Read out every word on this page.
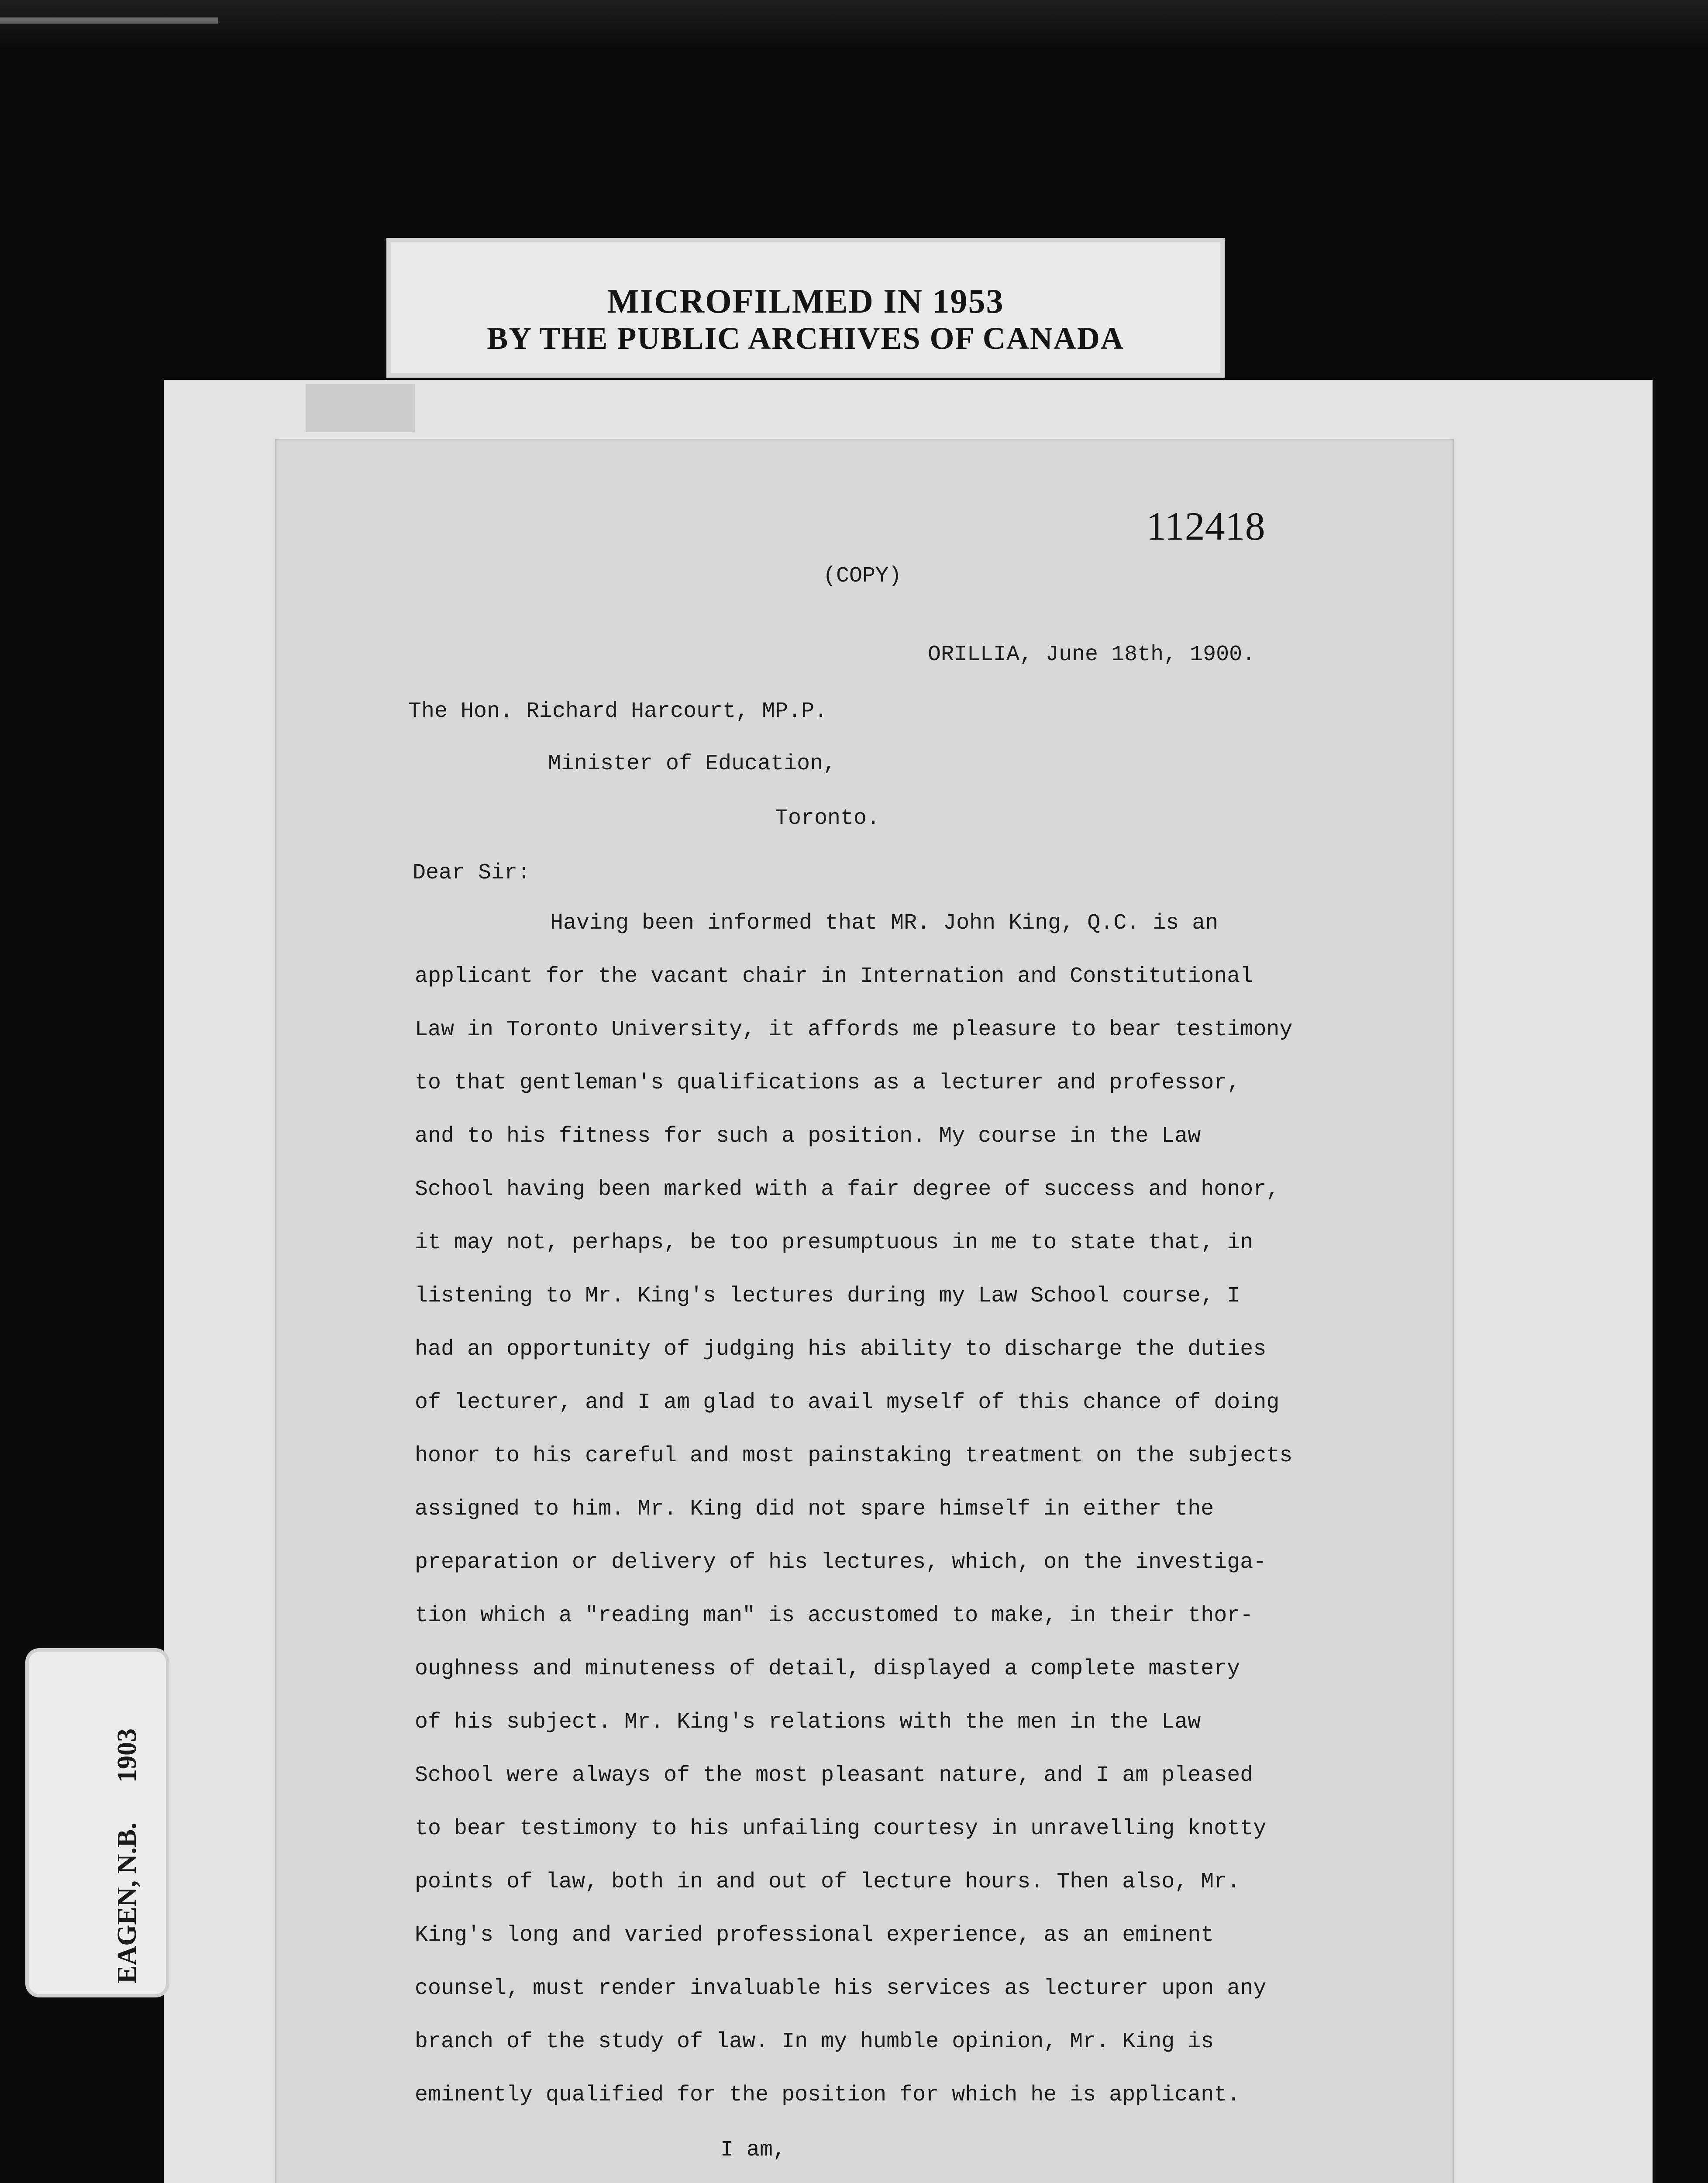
MICROFILMED IN 1953
BY THE PUBLIC ARCHIVES OF CANADA
EAGEN, N.B.
1903
112418
(COPY)
ORILLIA, June 18th, 1900.
The Hon. Richard Harcourt, MP.P.
Minister of Education,
Toronto.
Dear Sir:
Having been informed that MR. John King, Q.C. is an
applicant for the vacant chair in Internation and Constitutional
Law in Toronto University, it affords me pleasure to bear testimony
to that gentleman's qualifications as a lecturer and professor,
and to his fitness for such a position. My course in the Law
School having been marked with a fair degree of success and honor,
it may not, perhaps, be too presumptuous in me to state that, in
listening to Mr. King's lectures during my Law School course, I
had an opportunity of judging his ability to discharge the duties
of lecturer, and I am glad to avail myself of this chance of doing
honor to his careful and most painstaking treatment on the subjects
assigned to him. Mr. King did not spare himself in either the
preparation or delivery of his lectures, which, on the investiga-
tion which a "reading man" is accustomed to make, in their thor-
oughness and minuteness of detail, displayed a complete mastery
of his subject. Mr. King's relations with the men in the Law
School were always of the most pleasant nature, and I am pleased
to bear testimony to his unfailing courtesy in unravelling knotty
points of law, both in and out of lecture hours. Then also, Mr.
King's long and varied professional experience, as an eminent
counsel, must render invaluable his services as lecturer upon any
branch of the study of law. In my humble opinion, Mr. King is
eminently qualified for the position for which he is applicant.
I am,
